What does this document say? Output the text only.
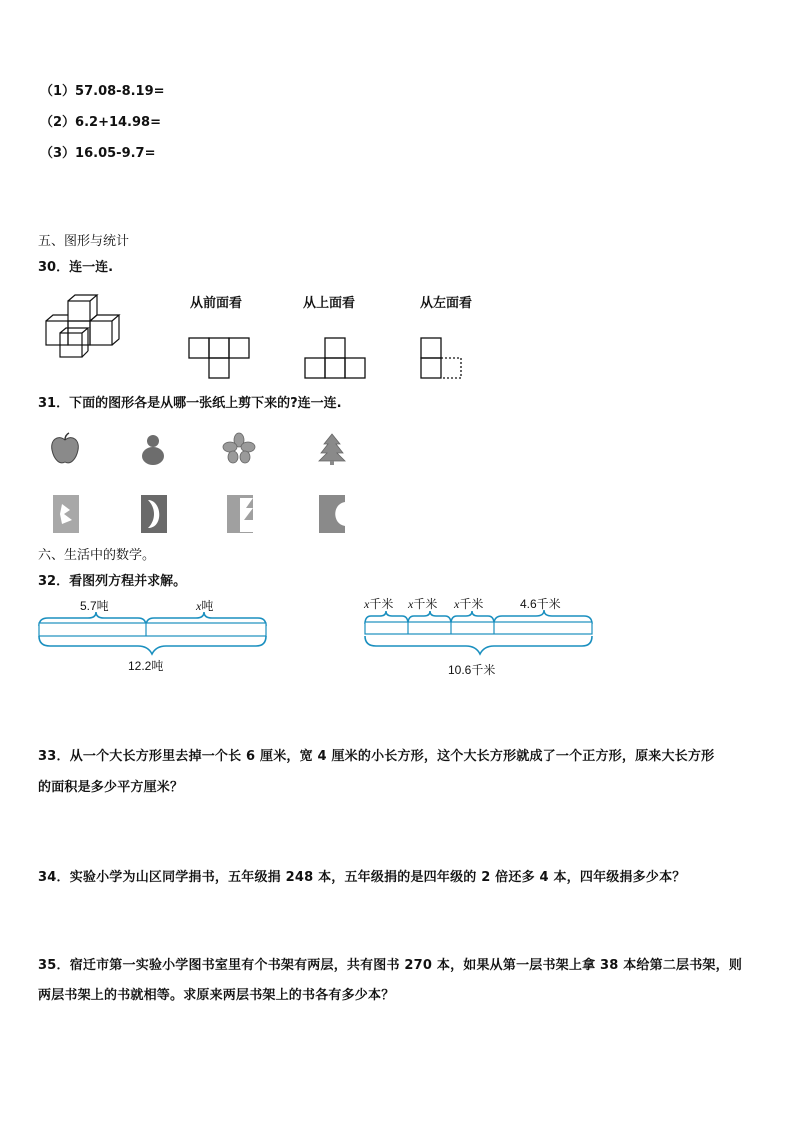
（1）57.08-8.19=
（2）6.2+14.98=
（3）16.05-9.7=
五、图形与统计
30．连一连.
从前面看	从上面看	从左面看
31．下面的图形各是从哪一张纸上剪下来的?连一连.
六、生活中的数学。
32．看图列方程并求解。
5.7吨	x吨
12.2吨
x千米 x千米 x千米	4.6千米
10.6千米
33．从一个大长方形里去掉一个长 6 厘米，宽 4 厘米的小长方形，这个大长方形就成了一个正方形，原来大长方形
的面积是多少平方厘米？
34．实验小学为山区同学捐书，五年级捐 248 本，五年级捐的是四年级的 2 倍还多 4 本，四年级捐多少本？
35．宿迁市第一实验小学图书室里有个书架有两层，共有图书 270 本，如果从第一层书架上拿 38 本给第二层书架，则
两层书架上的书就相等。求原来两层书架上的书各有多少本？
